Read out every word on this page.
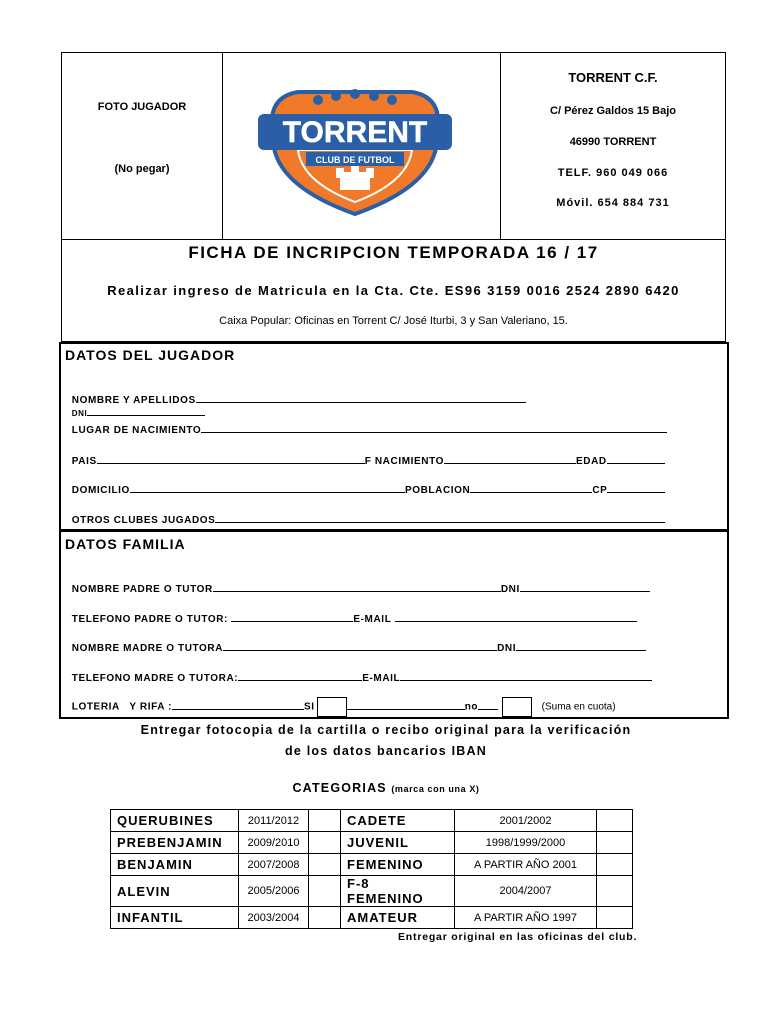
FOTO JUGADOR
(No pegar)
TORRENT
CLUB DE FUTBOL
TORRENT C.F.
C/ Pérez Galdos 15 Bajo
46990 TORRENT
TELF. 960 049 066
Móvil. 654 884 731
FICHA DE INCRIPCION TEMPORADA 16 / 17
Realizar ingreso de Matricula en la Cta. Cte. ES96 3159 0016 2524 2890 6420
Caixa Popular: Oficinas en Torrent C/ José Iturbi, 3 y San Valeriano, 15.
DATOS DEL JUGADOR

NOMBRE Y APELLIDOS
DNI

LUGAR DE NACIMIENTO

PAIS	F NACIMIENTO	EDAD

DOMICILIO	POBLACION	CP

OTROS CLUBES JUGADOS

DATOS FAMILIA

NOMBRE PADRE O TUTOR	DNI

TELEFONO PADRE O TUTOR:	E-MAIL

NOMBRE MADRE O TUTORA	DNI

TELEFONO MADRE O TUTORA:	E-MAIL

LOTERIA   Y RIFA :	SI	no	(Suma en cuota)

Entregar fotocopia de la cartilla o recibo original para la verificación
de los datos bancarios IBAN
CATEGORIAS (marca con una X)
QUERUBINES	2011/2012		CADETE	2001/2002	
PREBENJAMIN	2009/2010		JUVENIL	1998/1999/2000	
BENJAMIN	2007/2008		FEMENINO	A PARTIR AÑO 2001	
ALEVIN	2005/2006		F-8 FEMENINO	2004/2007	
INFANTIL	2003/2004		AMATEUR	A PARTIR AÑO 1997	
Entregar original en las oficinas del club.
